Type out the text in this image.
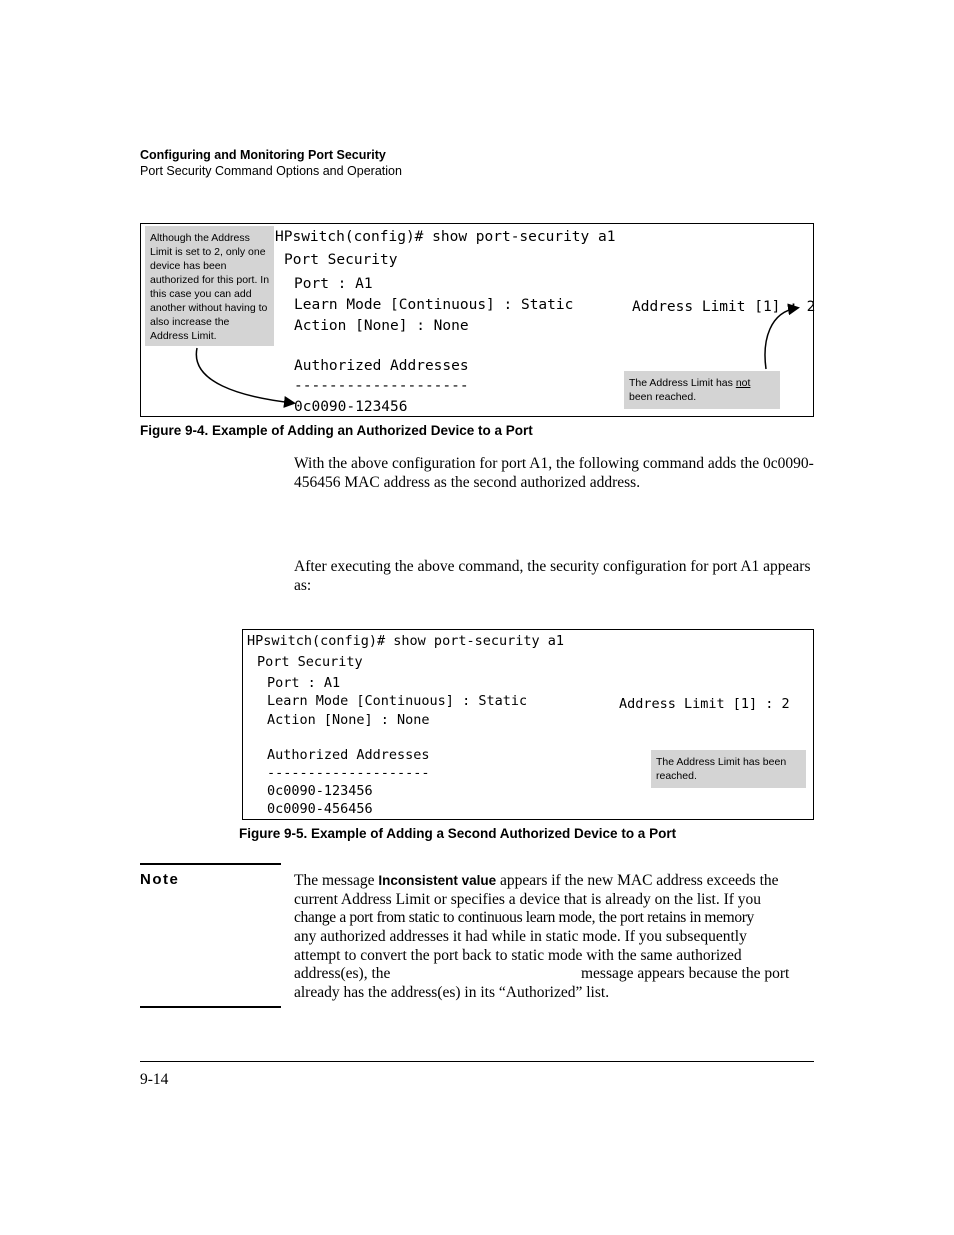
Configuring and Monitoring Port Security
Port Security Command Options and Operation
Although the Address Limit is set to 2, only one device has been authorized for this port. In this case you can add another without having to also increase the Address Limit.
HPswitch(config)# show port-security a1
Port Security
Port : A1
Learn Mode [Continuous] : Static
Action [None] : None
Authorized Addresses
--------------------
0c0090-123456
Address Limit [1] : 2
The Address Limit has not been reached.
Figure 9-4. Example of Adding an Authorized Device to a Port
With the above configuration for port A1, the following command adds the 0c0090-456456 MAC address as the second authorized address.
After executing the above command, the security configuration for port A1 appears as:
HPswitch(config)# show port-security a1
Port Security
Port : A1
Learn Mode [Continuous] : Static
Action [None] : None
Authorized Addresses
--------------------
0c0090-123456
0c0090-456456
Address Limit [1] : 2
The Address Limit has been reached.
Figure 9-5. Example of Adding a Second Authorized Device to a Port
Note	The message Inconsistent value appears if the new MAC address exceeds the
current Address Limit or specifies a device that is already on the list. If you
change a port from static to continuous learn mode, the port retains in memory
any authorized addresses it had while in static mode. If you subsequently
attempt to convert the port back to static mode with the same authorized
address(es), the	message appears because the port
already has the address(es) in its “Authorized” list.
9-14
